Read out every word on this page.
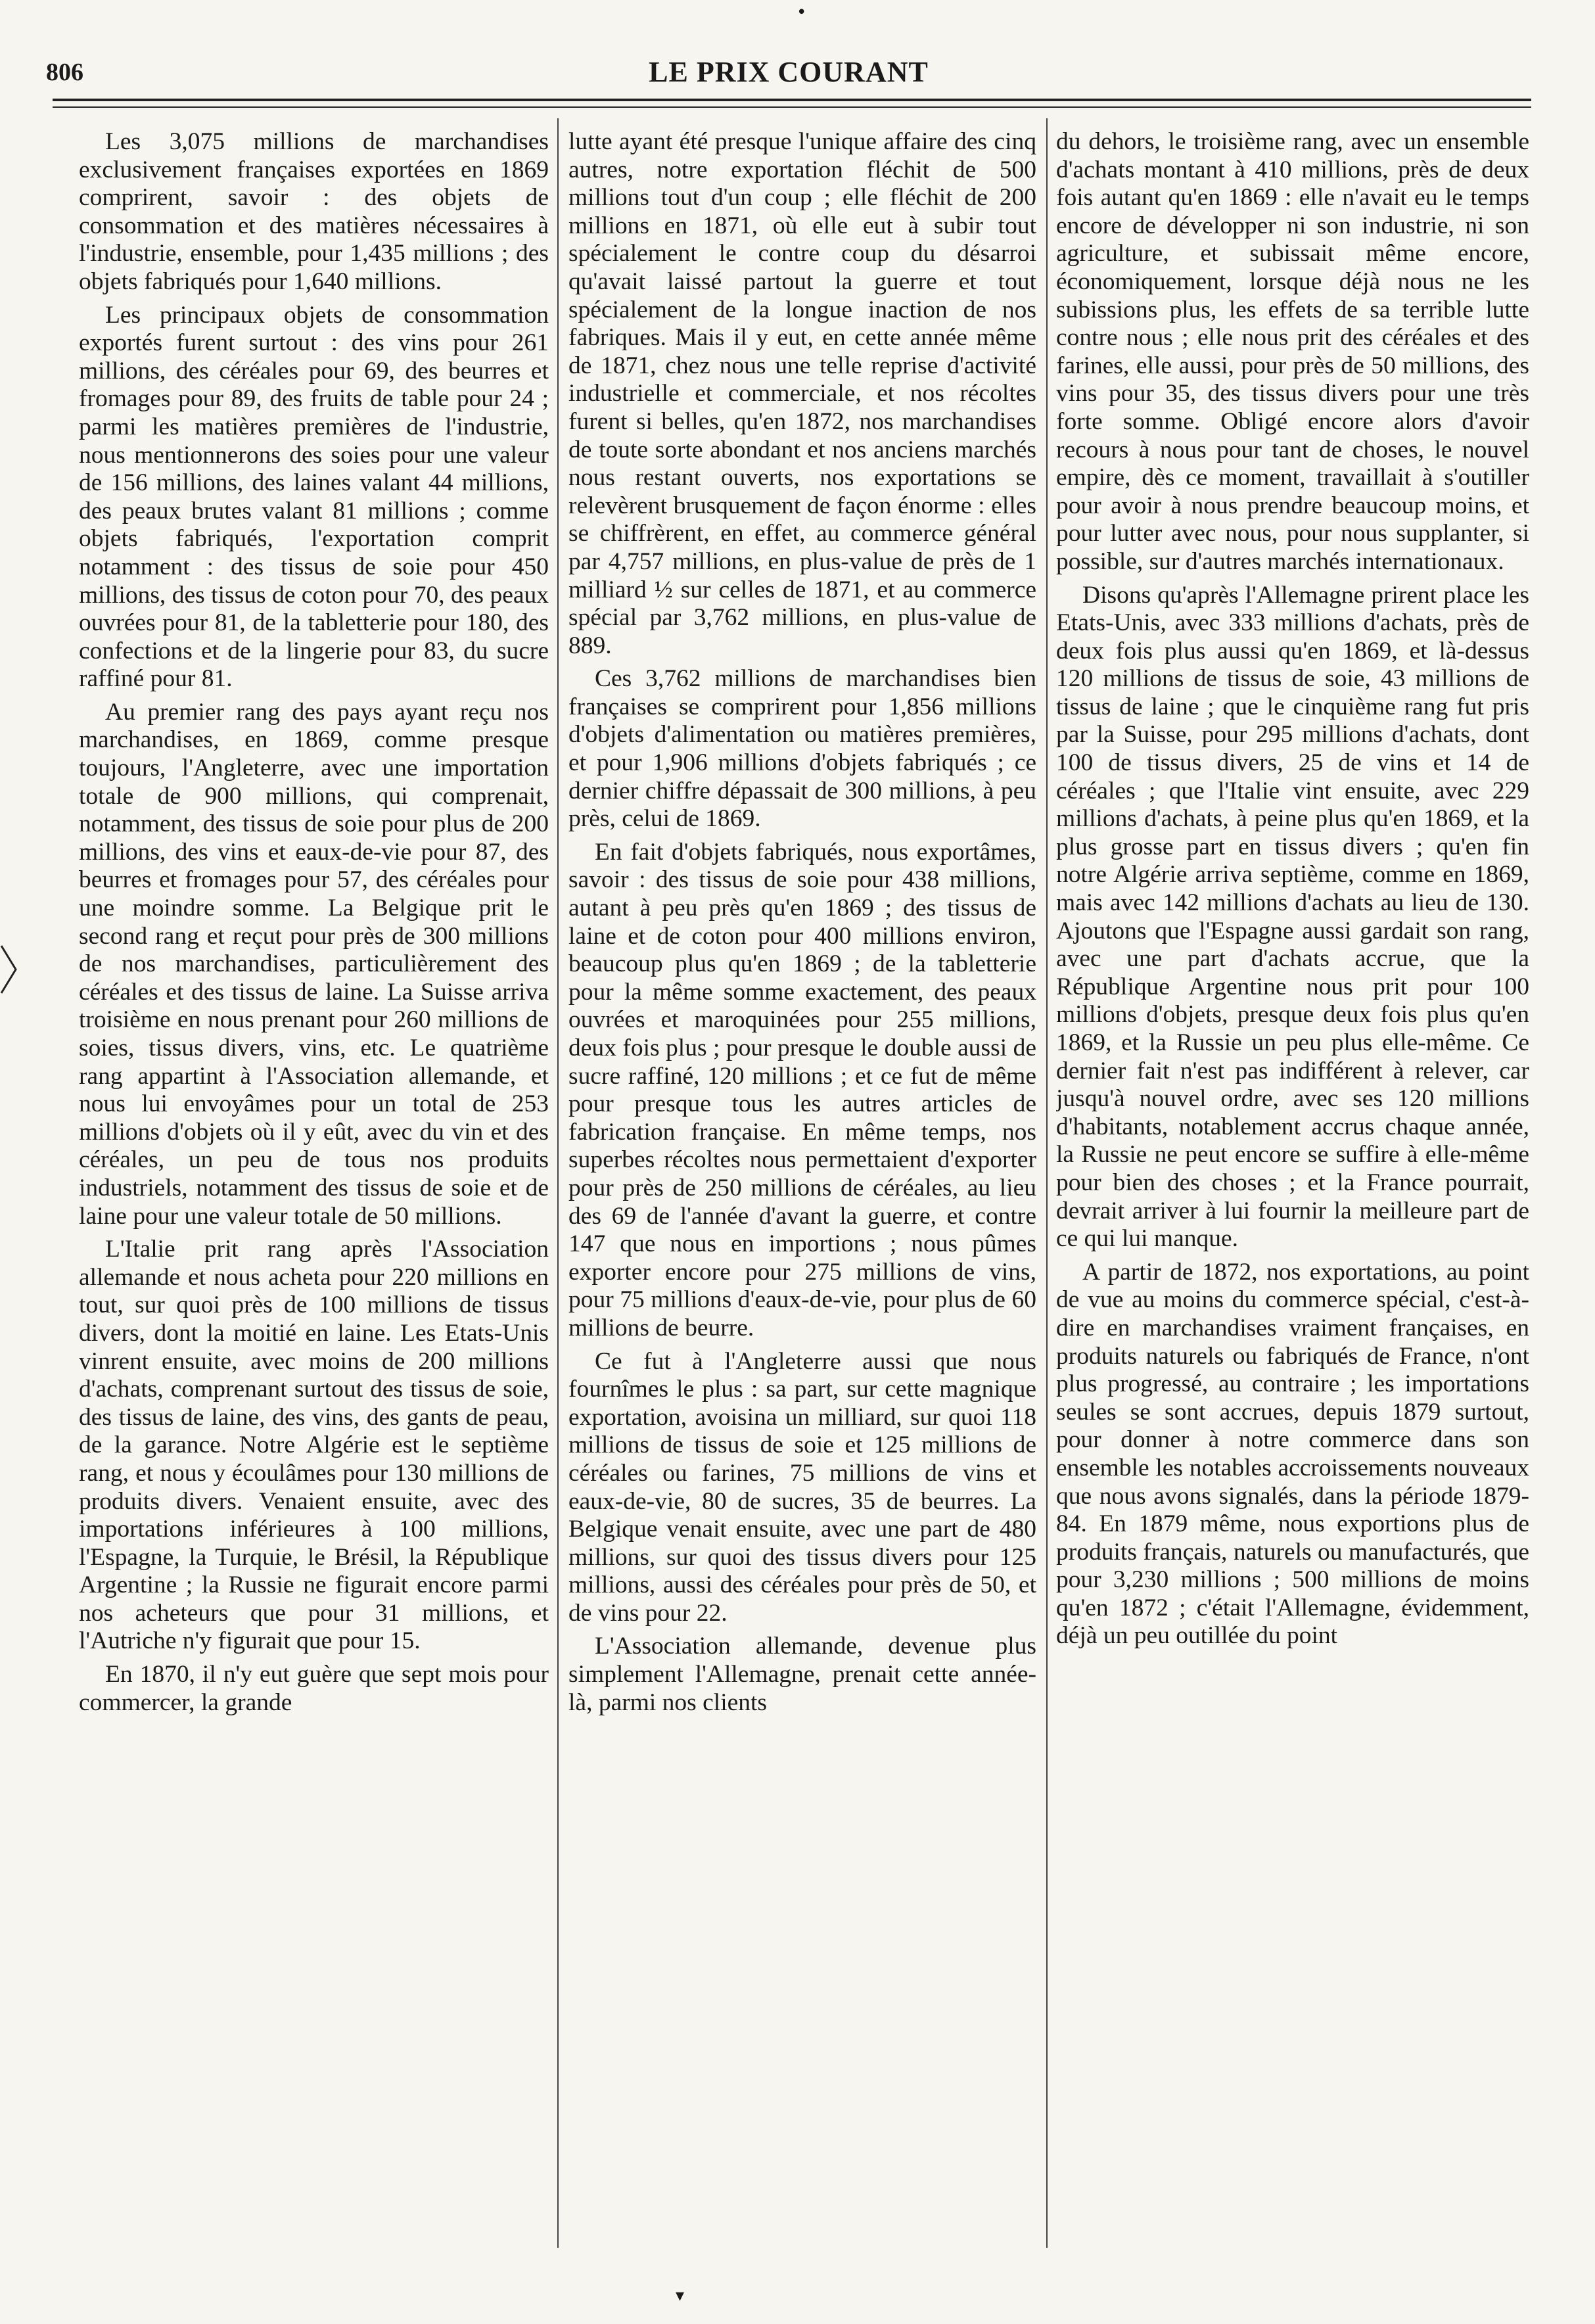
•
806	LE PRIX COURANT

Les 3,075 millions de marchandises exclusivement françaises exportées en 1869 comprirent, savoir : des objets de consommation et des matières nécessaires à l'industrie, ensemble, pour 1,435 millions ; des objets fabriqués pour 1,640 millions.

Les principaux objets de consommation exportés furent surtout : des vins pour 261 millions, des céréales pour 69, des beurres et fromages pour 89, des fruits de table pour 24 ; parmi les matières premières de l'industrie, nous mentionnerons des soies pour une valeur de 156 millions, des laines valant 44 millions, des peaux brutes valant 81 millions ; comme objets fabriqués, l'exportation comprit notamment : des tissus de soie pour 450 millions, des tissus de coton pour 70, des peaux ouvrées pour 81, de la tabletterie pour 180, des confections et de la lingerie pour 83, du sucre raffiné pour 81.

Au premier rang des pays ayant reçu nos marchandises, en 1869, comme presque toujours, l'Angleterre, avec une importation totale de 900 millions, qui comprenait, notamment, des tissus de soie pour plus de 200 millions, des vins et eaux-de-vie pour 87, des beurres et fromages pour 57, des céréales pour une moindre somme. La Belgique prit le second rang et reçut pour près de 300 millions de nos marchandises, particulièrement des céréales et des tissus de laine. La Suisse arriva troisième en nous prenant pour 260 millions de soies, tissus divers, vins, etc. Le quatrième rang appartint à l'Association allemande, et nous lui envoyâmes pour un total de 253 millions d'objets où il y eût, avec du vin et des céréales, un peu de tous nos produits industriels, notamment des tissus de soie et de laine pour une valeur totale de 50 millions.

L'Italie prit rang après l'Association allemande et nous acheta pour 220 millions en tout, sur quoi près de 100 millions de tissus divers, dont la moitié en laine. Les Etats-Unis vinrent ensuite, avec moins de 200 millions d'achats, comprenant surtout des tissus de soie, des tissus de laine, des vins, des gants de peau, de la garance. Notre Algérie est le septième rang, et nous y écoulâmes pour 130 millions de produits divers. Venaient ensuite, avec des importations inférieures à 100 millions, l'Espagne, la Turquie, le Brésil, la République Argentine ; la Russie ne figurait encore parmi nos acheteurs que pour 31 millions, et l'Autriche n'y figurait que pour 15.

En 1870, il n'y eut guère que sept mois pour commercer, la grande

lutte ayant été presque l'unique affaire des cinq autres, notre exportation fléchit de 500 millions tout d'un coup ; elle fléchit de 200 millions en 1871, où elle eut à subir tout spécialement le contre coup du désarroi qu'avait laissé partout la guerre et tout spécialement de la longue inaction de nos fabriques. Mais il y eut, en cette année même de 1871, chez nous une telle reprise d'activité industrielle et commerciale, et nos récoltes furent si belles, qu'en 1872, nos marchandises de toute sorte abondant et nos anciens marchés nous restant ouverts, nos exportations se relevèrent brusquement de façon énorme : elles se chiffrèrent, en effet, au commerce général par 4,757 millions, en plus-value de près de 1 milliard ½ sur celles de 1871, et au commerce spécial par 3,762 millions, en plus-value de 889.

Ces 3,762 millions de marchandises bien françaises se comprirent pour 1,856 millions d'objets d'alimentation ou matières premières, et pour 1,906 millions d'objets fabriqués ; ce dernier chiffre dépassait de 300 millions, à peu près, celui de 1869.

En fait d'objets fabriqués, nous exportâmes, savoir : des tissus de soie pour 438 millions, autant à peu près qu'en 1869 ; des tissus de laine et de coton pour 400 millions environ, beaucoup plus qu'en 1869 ; de la tabletterie pour la même somme exactement, des peaux ouvrées et maroquinées pour 255 millions, deux fois plus ; pour presque le double aussi de sucre raffiné, 120 millions ; et ce fut de même pour presque tous les autres articles de fabrication française. En même temps, nos superbes récoltes nous permettaient d'exporter pour près de 250 millions de céréales, au lieu des 69 de l'année d'avant la guerre, et contre 147 que nous en importions ; nous pûmes exporter encore pour 275 millions de vins, pour 75 millions d'eaux-de-vie, pour plus de 60 millions de beurre.

Ce fut à l'Angleterre aussi que nous fournîmes le plus : sa part, sur cette magnique exportation, avoisina un milliard, sur quoi 118 millions de tissus de soie et 125 millions de céréales ou farines, 75 millions de vins et eaux-de-vie, 80 de sucres, 35 de beurres. La Belgique venait ensuite, avec une part de 480 millions, sur quoi des tissus divers pour 125 millions, aussi des céréales pour près de 50, et de vins pour 22.

L'Association allemande, devenue plus simplement l'Allemagne, prenait cette année-là, parmi nos clients

du dehors, le troisième rang, avec un ensemble d'achats montant à 410 millions, près de deux fois autant qu'en 1869 : elle n'avait eu le temps encore de développer ni son industrie, ni son agriculture, et subissait même encore, économiquement, lorsque déjà nous ne les subissions plus, les effets de sa terrible lutte contre nous ; elle nous prit des céréales et des farines, elle aussi, pour près de 50 millions, des vins pour 35, des tissus divers pour une très forte somme. Obligé encore alors d'avoir recours à nous pour tant de choses, le nouvel empire, dès ce moment, travaillait à s'outiller pour avoir à nous prendre beaucoup moins, et pour lutter avec nous, pour nous supplanter, si possible, sur d'autres marchés internationaux.

Disons qu'après l'Allemagne prirent place les Etats-Unis, avec 333 millions d'achats, près de deux fois plus aussi qu'en 1869, et là-dessus 120 millions de tissus de soie, 43 millions de tissus de laine ; que le cinquième rang fut pris par la Suisse, pour 295 millions d'achats, dont 100 de tissus divers, 25 de vins et 14 de céréales ; que l'Italie vint ensuite, avec 229 millions d'achats, à peine plus qu'en 1869, et la plus grosse part en tissus divers ; qu'en fin notre Algérie arriva septième, comme en 1869, mais avec 142 millions d'achats au lieu de 130. Ajoutons que l'Espagne aussi gardait son rang, avec une part d'achats accrue, que la République Argentine nous prit pour 100 millions d'objets, presque deux fois plus qu'en 1869, et la Russie un peu plus elle-même. Ce dernier fait n'est pas indifférent à relever, car jusqu'à nouvel ordre, avec ses 120 millions d'habitants, notablement accrus chaque année, la Russie ne peut encore se suffire à elle-même pour bien des choses ; et la France pourrait, devrait arriver à lui fournir la meilleure part de ce qui lui manque.

A partir de 1872, nos exportations, au point de vue au moins du commerce spécial, c'est-à-dire en marchandises vraiment françaises, en produits naturels ou fabriqués de France, n'ont plus progressé, au contraire ; les importations seules se sont accrues, depuis 1879 surtout, pour donner à notre commerce dans son ensemble les notables accroissements nouveaux que nous avons signalés, dans la période 1879-84. En 1879 même, nous exportions plus de produits français, naturels ou manufacturés, que pour 3,230 millions ; 500 millions de moins qu'en 1872 ; c'était l'Allemagne, évidemment, déjà un peu outillée du point

▾
